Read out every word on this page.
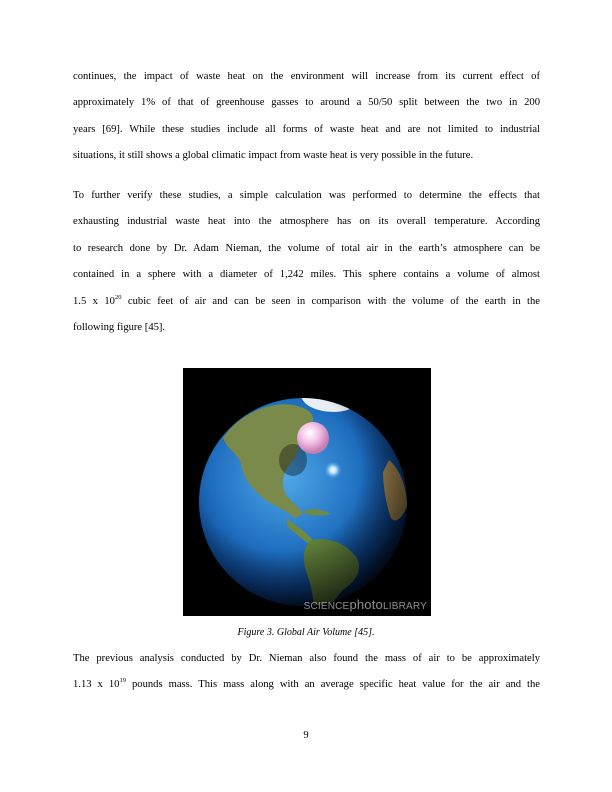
continues, the impact of waste heat on the environment will increase from its current effect of
approximately 1% of that of greenhouse gasses to around a 50/50 split between the two in 200
years [69]. While these studies include all forms of waste heat and are not limited to industrial
situations, it still shows a global climatic impact from waste heat is very possible in the future.
To further verify these studies, a simple calculation was performed to determine the effects that
exhausting industrial waste heat into the atmosphere has on its overall temperature. According
to research done by Dr. Adam Nieman, the volume of total air in the earth’s atmosphere can be
contained in a sphere with a diameter of 1,242 miles. This sphere contains a volume of almost
1.5 x $10^{20}$ cubic feet of air and can be seen in comparison with the volume of the earth in the
following figure [45].
SCIENCEphotoLIBRARY
Figure 3. Global Air Volume [45].
The previous analysis conducted by Dr. Nieman also found the mass of air to be approximately
1.13 x $10^{19}$ pounds mass. This mass along with an average specific heat value for the air and the
9
